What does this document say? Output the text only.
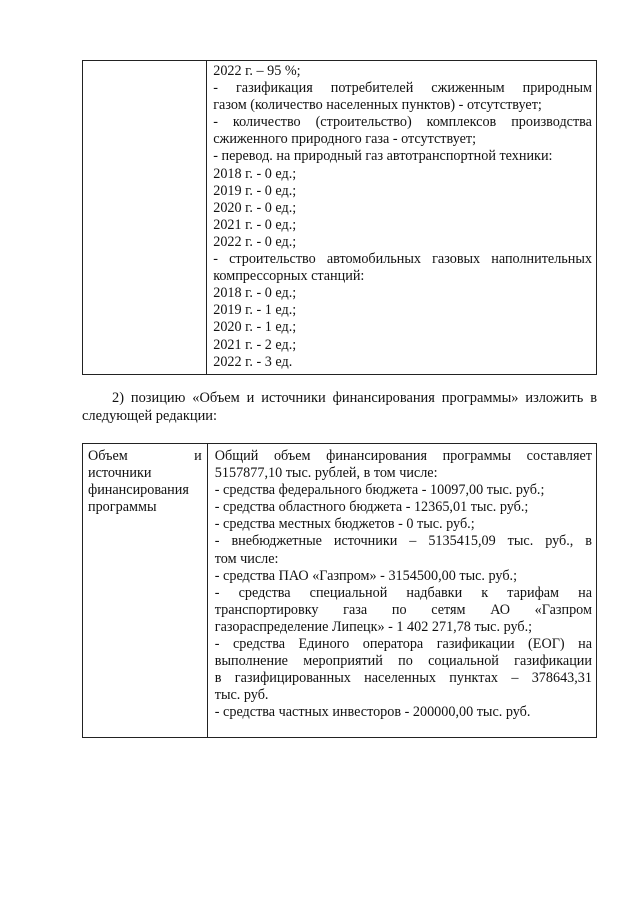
2022 г. – 95 %;
- газификация потребителей сжиженным природным
газом (количество населенных пунктов) - отсутствует;
- количество (строительство) комплексов производства
сжиженного природного газа - отсутствует;
- перевод. на природный газ автотранспортной техники:
2018 г. - 0 ед.;
2019 г. - 0 ед.;
2020 г. - 0 ед.;
2021 г. - 0 ед.;
2022 г. - 0 ед.;
- строительство автомобильных газовых наполнительных
компрессорных станций:
2018 г. - 0 ед.;
2019 г. - 1 ед.;
2020 г. - 1 ед.;
2021 г. - 2 ед.;
2022 г. - 3 ед.
2) позицию «Объем и источники финансирования программы» изложить в
следующей редакции:
Объем и
источники
финансирования
программы

Общий объем финансирования программы составляет
5157877,10 тыс. рублей, в том числе:
- средства федерального бюджета - 10097,00 тыс. руб.;
- средства областного бюджета - 12365,01 тыс. руб.;
- средства местных бюджетов - 0 тыс. руб.;
- внебюджетные источники – 5135415,09 тыс. руб., в
том числе:
- средства ПАО «Газпром» - 3154500,00 тыс. руб.;
- средства специальной надбавки к тарифам на
транспортировку газа по сетям АО «Газпром
газораспределение Липецк» - 1 402 271,78 тыс. руб.;
- средства Единого оператора газификации (ЕОГ) на
выполнение мероприятий по социальной газификации
в газифицированных населенных пунктах – 378643,31
тыс. руб.
- средства частных инвесторов - 200000,00 тыс. руб.
